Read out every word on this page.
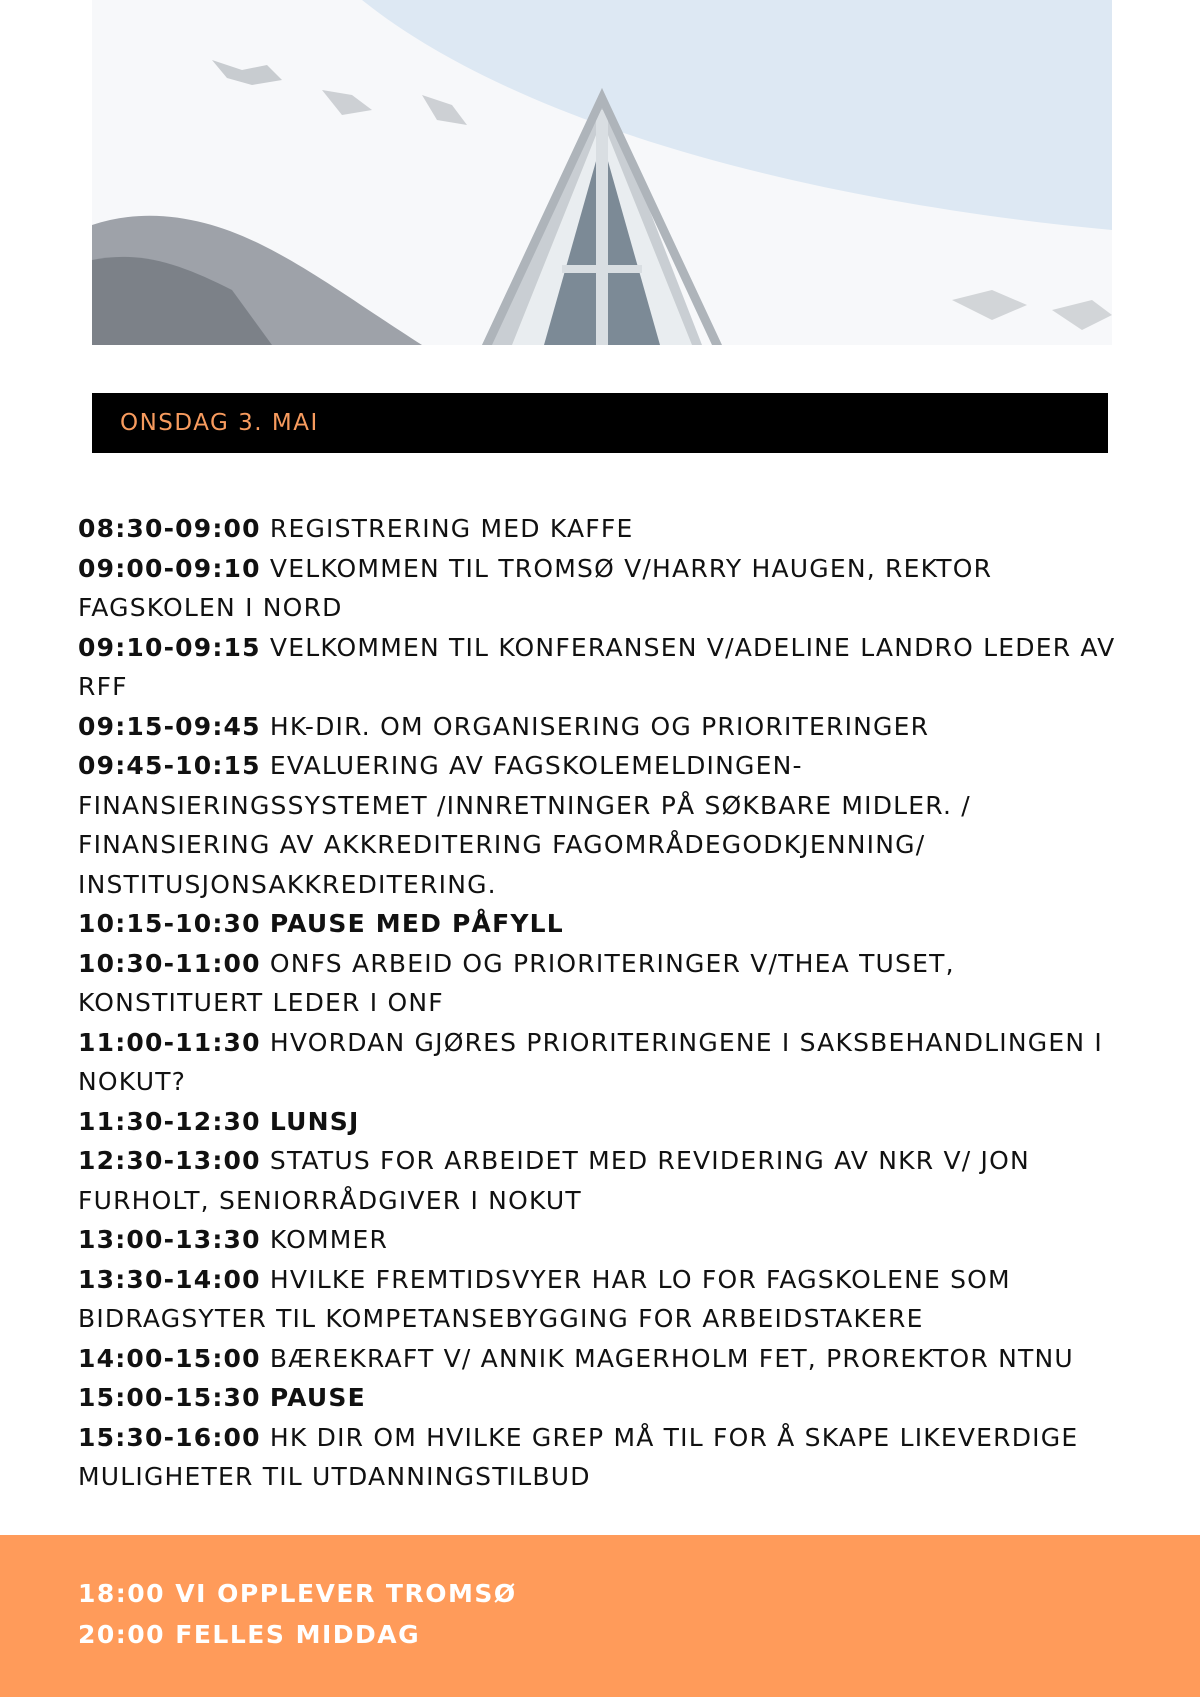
ONSDAG 3. MAI
08:30-09:00 REGISTRERING MED KAFFE
09:00-09:10 VELKOMMEN TIL TROMSØ V/HARRY HAUGEN, REKTOR FAGSKOLEN I NORD
09:10-09:15 VELKOMMEN TIL KONFERANSEN V/ADELINE LANDRO LEDER AV RFF
09:15-09:45 HK-DIR. OM ORGANISERING OG PRIORITERINGER
09:45-10:15 EVALUERING AV FAGSKOLEMELDINGEN-FINANSIERINGSSYSTEMET /INNRETNINGER PÅ SØKBARE MIDLER. / FINANSIERING AV AKKREDITERING FAGOMRÅDEGODKJENNING/ INSTITUSJONSAKKREDITERING.
10:15-10:30 PAUSE MED PÅFYLL
10:30-11:00 ONFS ARBEID OG PRIORITERINGER V/THEA TUSET, KONSTITUERT LEDER I ONF
11:00-11:30 HVORDAN GJØRES PRIORITERINGENE I SAKSBEHANDLINGEN I NOKUT?
11:30-12:30 LUNSJ
12:30-13:00 STATUS FOR ARBEIDET MED REVIDERING AV NKR V/ JON FURHOLT, SENIORRÅDGIVER I NOKUT
13:00-13:30 KOMMER
13:30-14:00 HVILKE FREMTIDSVYER HAR LO FOR FAGSKOLENE SOM BIDRAGSYTER TIL KOMPETANSEBYGGING FOR ARBEIDSTAKERE
14:00-15:00 BÆREKRAFT V/ ANNIK MAGERHOLM FET, PROREKTOR NTNU
15:00-15:30 PAUSE
15:30-16:00 HK DIR OM HVILKE GREP MÅ TIL FOR Å SKAPE LIKEVERDIGE MULIGHETER TIL UTDANNINGSTILBUD
18:00 VI OPPLEVER TROMSØ
20:00 FELLES MIDDAG
